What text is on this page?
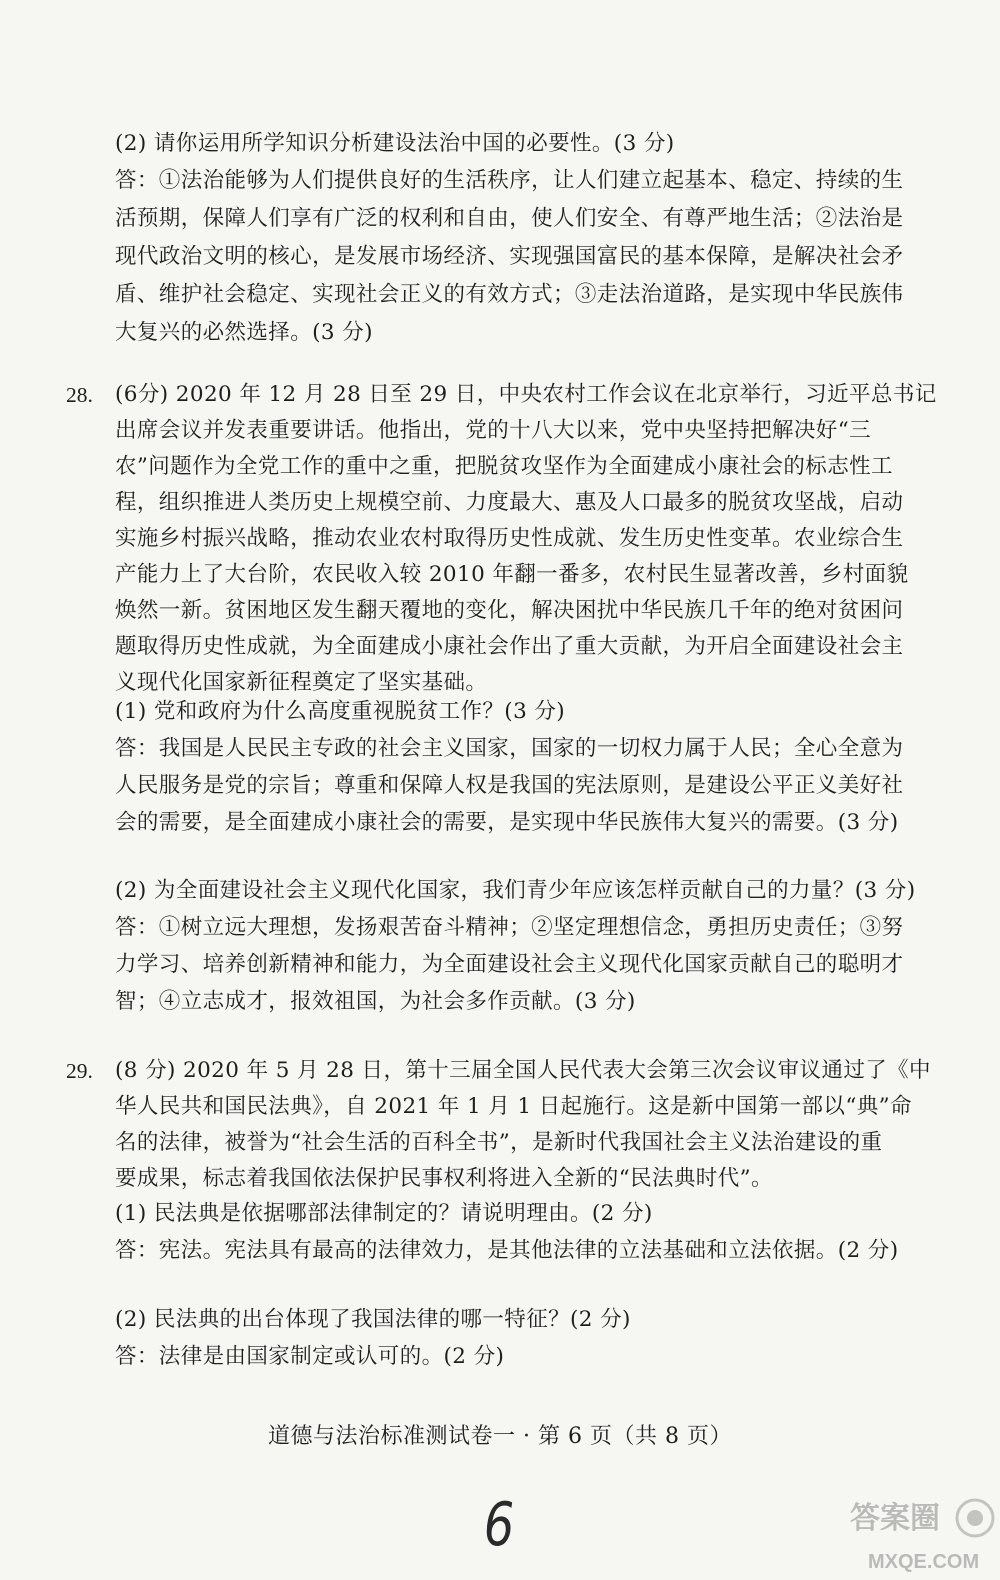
(2) 请你运用所学知识分析建设法治中国的必要性。(3 分)
答：①法治能够为人们提供良好的生活秩序，让人们建立起基本、稳定、持续的生
活预期，保障人们享有广泛的权利和自由，使人们安全、有尊严地生活；②法治是
现代政治文明的核心，是发展市场经济、实现强国富民的基本保障，是解决社会矛
盾、维护社会稳定、实现社会正义的有效方式；③走法治道路，是实现中华民族伟
大复兴的必然选择。(3 分)
28. (6分) 2020 年 12 月 28 日至 29 日，中央农村工作会议在北京举行，习近平总书记
出席会议并发表重要讲话。他指出，党的十八大以来，党中央坚持把解决好“三
农”问题作为全党工作的重中之重，把脱贫攻坚作为全面建成小康社会的标志性工
程，组织推进人类历史上规模空前、力度最大、惠及人口最多的脱贫攻坚战，启动
实施乡村振兴战略，推动农业农村取得历史性成就、发生历史性变革。农业综合生
产能力上了大台阶，农民收入较 2010 年翻一番多，农村民生显著改善，乡村面貌
焕然一新。贫困地区发生翻天覆地的变化，解决困扰中华民族几千年的绝对贫困问
题取得历史性成就，为全面建成小康社会作出了重大贡献，为开启全面建设社会主
义现代化国家新征程奠定了坚实基础。
(1) 党和政府为什么高度重视脱贫工作？(3 分)
答：我国是人民民主专政的社会主义国家，国家的一切权力属于人民；全心全意为
人民服务是党的宗旨；尊重和保障人权是我国的宪法原则，是建设公平正义美好社
会的需要，是全面建成小康社会的需要，是实现中华民族伟大复兴的需要。(3 分)
(2) 为全面建设社会主义现代化国家，我们青少年应该怎样贡献自己的力量？(3 分)
答：①树立远大理想，发扬艰苦奋斗精神；②坚定理想信念，勇担历史责任；③努
力学习、培养创新精神和能力，为全面建设社会主义现代化国家贡献自己的聪明才
智；④立志成才，报效祖国，为社会多作贡献。(3 分)
29. (8 分) 2020 年 5 月 28 日，第十三届全国人民代表大会第三次会议审议通过了《中
华人民共和国民法典》，自 2021 年 1 月 1 日起施行。这是新中国第一部以“典”命
名的法律，被誉为“社会生活的百科全书”，是新时代我国社会主义法治建设的重
要成果，标志着我国依法保护民事权利将进入全新的“民法典时代”。
(1) 民法典是依据哪部法律制定的？请说明理由。(2 分)
答：宪法。宪法具有最高的法律效力，是其他法律的立法基础和立法依据。(2 分)
(2) 民法典的出台体现了我国法律的哪一特征？(2 分)
答：法律是由国家制定或认可的。(2 分)
道德与法治标准测试卷一 · 第 6 页（共 8 页）
6	答案圈
MXQE.COM
